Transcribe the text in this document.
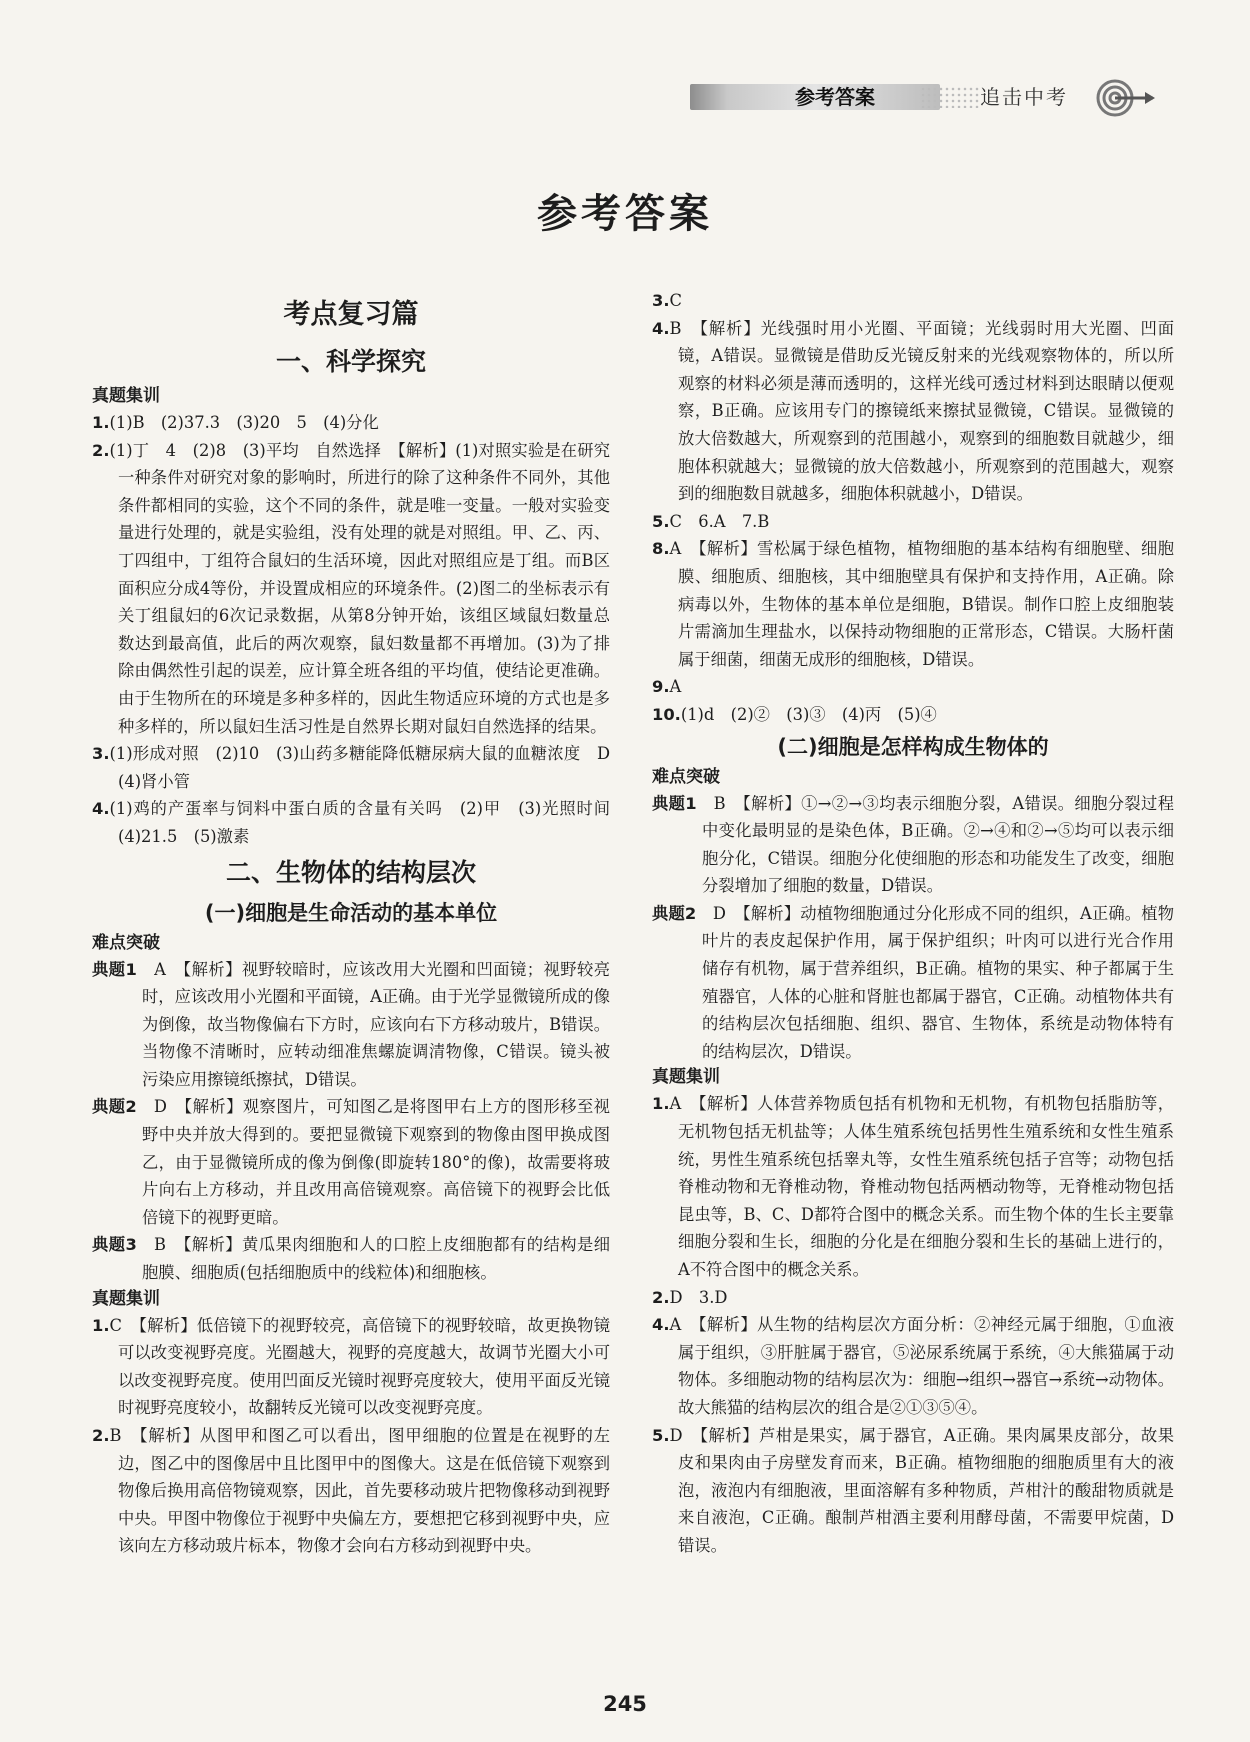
参考答案	追击中考
参考答案
考点复习篇
一、科学探究
真题集训

1.(1)B　(2)37.3　(3)20　5　(4)分化

2.(1)丁　4　(2)8　(3)平均　自然选择　【解析】(1)对照实验是在研究一种条件对研究对象的影响时，所进行的除了这种条件不同外，其他条件都相同的实验，这个不同的条件，就是唯一变量。一般对实验变量进行处理的，就是实验组，没有处理的就是对照组。甲、乙、丙、丁四组中，丁组符合鼠妇的生活环境，因此对照组应是丁组。而B区面积应分成4等份，并设置成相应的环境条件。(2)图二的坐标表示有关丁组鼠妇的6次记录数据，从第8分钟开始，该组区域鼠妇数量总数达到最高值，此后的两次观察，鼠妇数量都不再增加。(3)为了排除由偶然性引起的误差，应计算全班各组的平均值，使结论更准确。由于生物所在的环境是多种多样的，因此生物适应环境的方式也是多种多样的，所以鼠妇生活习性是自然界长期对鼠妇自然选择的结果。

3.(1)形成对照　(2)10　(3)山药多糖能降低糖尿病大鼠的血糖浓度　D　(4)肾小管

4.(1)鸡的产蛋率与饲料中蛋白质的含量有关吗　(2)甲　(3)光照时间　(4)21.5　(5)激素

二、生物体的结构层次
(一)细胞是生命活动的基本单位
难点突破

典题1　 A　【解析】视野较暗时，应该改用大光圈和凹面镜；视野较亮时，应该改用小光圈和平面镜，A正确。由于光学显微镜所成的像为倒像，故当物像偏右下方时，应该向右下方移动玻片，B错误。当物像不清晰时，应转动细准焦螺旋调清物像，C错误。镜头被污染应用擦镜纸擦拭，D错误。

典题2　 D　【解析】观察图片，可知图乙是将图甲右上方的图形移至视野中央并放大得到的。要把显微镜下观察到的物像由图甲换成图乙，由于显微镜所成的像为倒像(即旋转180°的像)，故需要将玻片向右上方移动，并且改用高倍镜观察。高倍镜下的视野会比低倍镜下的视野更暗。

典题3　 B　【解析】黄瓜果肉细胞和人的口腔上皮细胞都有的结构是细胞膜、细胞质(包括细胞质中的线粒体)和细胞核。

真题集训

1.C　【解析】低倍镜下的视野较亮，高倍镜下的视野较暗，故更换物镜可以改变视野亮度。光圈越大，视野的亮度越大，故调节光圈大小可以改变视野亮度。使用凹面反光镜时视野亮度较大，使用平面反光镜时视野亮度较小，故翻转反光镜可以改变视野亮度。

2.B　【解析】从图甲和图乙可以看出，图甲细胞的位置是在视野的左边，图乙中的图像居中且比图甲中的图像大。这是在低倍镜下观察到物像后换用高倍物镜观察，因此，首先要移动玻片把物像移动到视野中央。甲图中物像位于视野中央偏左方，要想把它移到视野中央，应该向左方移动玻片标本，物像才会向右方移动到视野中央。

3.C

4.B　【解析】光线强时用小光圈、平面镜；光线弱时用大光圈、凹面镜，A错误。显微镜是借助反光镜反射来的光线观察物体的，所以所观察的材料必须是薄而透明的，这样光线可透过材料到达眼睛以便观察，B正确。应该用专门的擦镜纸来擦拭显微镜，C错误。显微镜的放大倍数越大，所观察到的范围越小，观察到的细胞数目就越少，细胞体积就越大；显微镜的放大倍数越小，所观察到的范围越大，观察到的细胞数目就越多，细胞体积就越小，D错误。

5.C　6.A　7.B

8.A　【解析】雪松属于绿色植物，植物细胞的基本结构有细胞壁、细胞膜、细胞质、细胞核，其中细胞壁具有保护和支持作用，A正确。除病毒以外，生物体的基本单位是细胞，B错误。制作口腔上皮细胞装片需滴加生理盐水，以保持动物细胞的正常形态，C错误。大肠杆菌属于细菌，细菌无成形的细胞核，D错误。

9.A

10.(1)d　(2)②　(3)③　(4)丙　(5)④

(二)细胞是怎样构成生物体的
难点突破

典题1　 B　【解析】①→②→③均表示细胞分裂，A错误。细胞分裂过程中变化最明显的是染色体，B正确。②→④和②→⑤均可以表示细胞分化，C错误。细胞分化使细胞的形态和功能发生了改变，细胞分裂增加了细胞的数量，D错误。

典题2　 D　【解析】动植物细胞通过分化形成不同的组织，A正确。植物叶片的表皮起保护作用，属于保护组织；叶肉可以进行光合作用储存有机物，属于营养组织，B正确。植物的果实、种子都属于生殖器官，人体的心脏和肾脏也都属于器官，C正确。动植物体共有的结构层次包括细胞、组织、器官、生物体，系统是动物体特有的结构层次，D错误。

真题集训

1.A　【解析】人体营养物质包括有机物和无机物，有机物包括脂肪等，无机物包括无机盐等；人体生殖系统包括男性生殖系统和女性生殖系统，男性生殖系统包括睾丸等，女性生殖系统包括子宫等；动物包括脊椎动物和无脊椎动物，脊椎动物包括两栖动物等，无脊椎动物包括昆虫等，B、C、D都符合图中的概念关系。而生物个体的生长主要靠细胞分裂和生长，细胞的分化是在细胞分裂和生长的基础上进行的，A不符合图中的概念关系。

2.D　3.D

4.A　【解析】从生物的结构层次方面分析：②神经元属于细胞，①血液属于组织，③肝脏属于器官，⑤泌尿系统属于系统，④大熊猫属于动物体。多细胞动物的结构层次为：细胞→组织→器官→系统→动物体。故大熊猫的结构层次的组合是②①③⑤④。

5.D　【解析】芦柑是果实，属于器官，A正确。果肉属果皮部分，故果皮和果肉由子房壁发育而来，B正确。植物细胞的细胞质里有大的液泡，液泡内有细胞液，里面溶解有多种物质，芦柑汁的酸甜物质就是来自液泡，C正确。酿制芦柑酒主要利用酵母菌，不需要甲烷菌，D错误。

245
